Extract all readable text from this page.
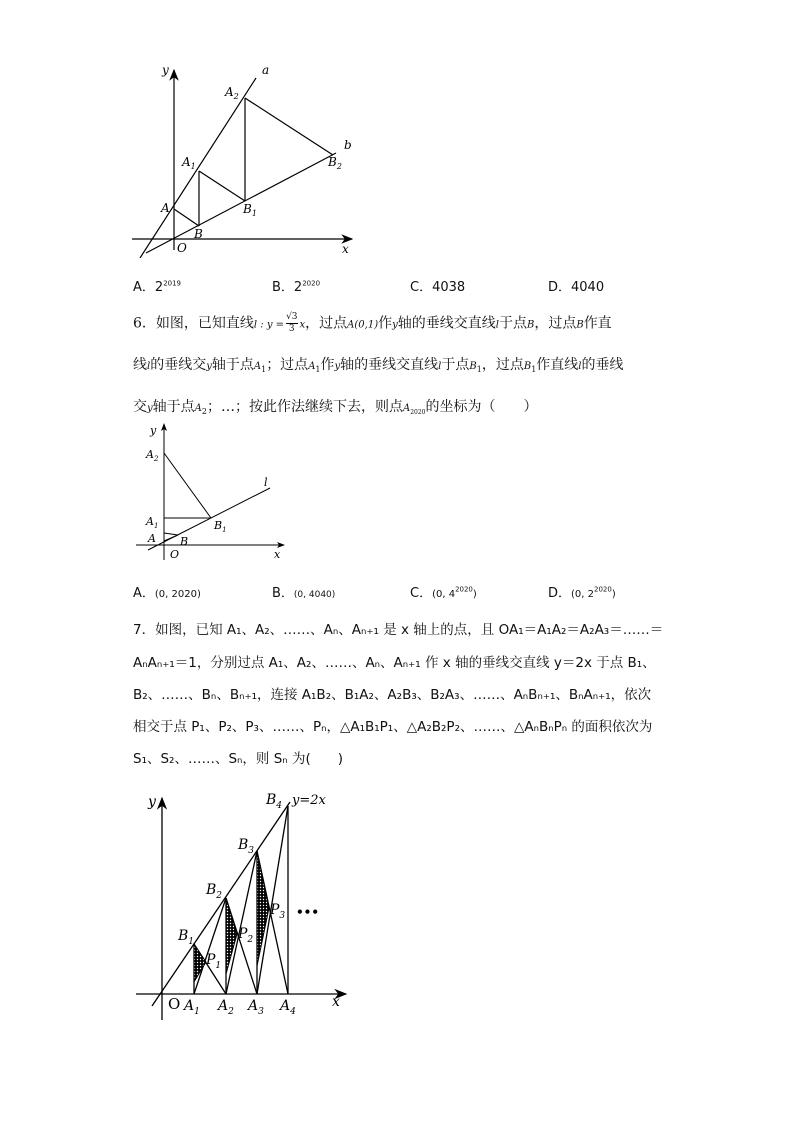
y
x
O
a
b
A
B
$A_1$
$A_2$
$B_1$
$B_2$
A．$2^{2019}$	B．$2^{2020}$	C．4038	D．4040
6．如图，已知直线l : $y = \frac{√3}{3}$ x，过点A(0,1)作y轴的垂线交直线l于点B，过点B作直
线l的垂线交y轴于点$A_1$；过点$A_1$作y轴的垂线交直线l于点$B_1$，过点$B_1$作直线l的垂线
交y轴于点$A_2$；…；按此作法继续下去，则点$A_{2020}$的坐标为（　　）
y
x
O
l
A B
$A_1$
$A_2$
$B_1$
A．(0, 2020)	B．(0, 4040)	C．(0, $4^{2020}$)	D．(0, $2^{2020}$)
7．如图，已知 A₁、A₂、……、Aₙ、Aₙ₊₁ 是 x 轴上的点，且 OA₁＝A₁A₂＝A₂A₃＝……＝
AₙAₙ₊₁＝1，分别过点 A₁、A₂、……、Aₙ、Aₙ₊₁ 作 x 轴的垂线交直线 y＝2x 于点 B₁、
B₂、……、Bₙ、Bₙ₊₁，连接 A₁B₂、B₁A₂、A₂B₃、B₂A₃、……、AₙBₙ₊₁、BₙAₙ₊₁，依次
相交于点 P₁、P₂、P₃、……、Pₙ，△A₁B₁P₁、△A₂B₂P₂、……、△AₙBₙPₙ 的面积依次为
S₁、S₂、……、Sₙ，则 Sₙ 为(　　)
y
x
O
y=2x
•••
$A_1$ $A_2$ $A_3$ $A_4$
$B_1$
$B_2$
$B_3$
$B_4$
$P_1$
$P_2$
$P_3$
